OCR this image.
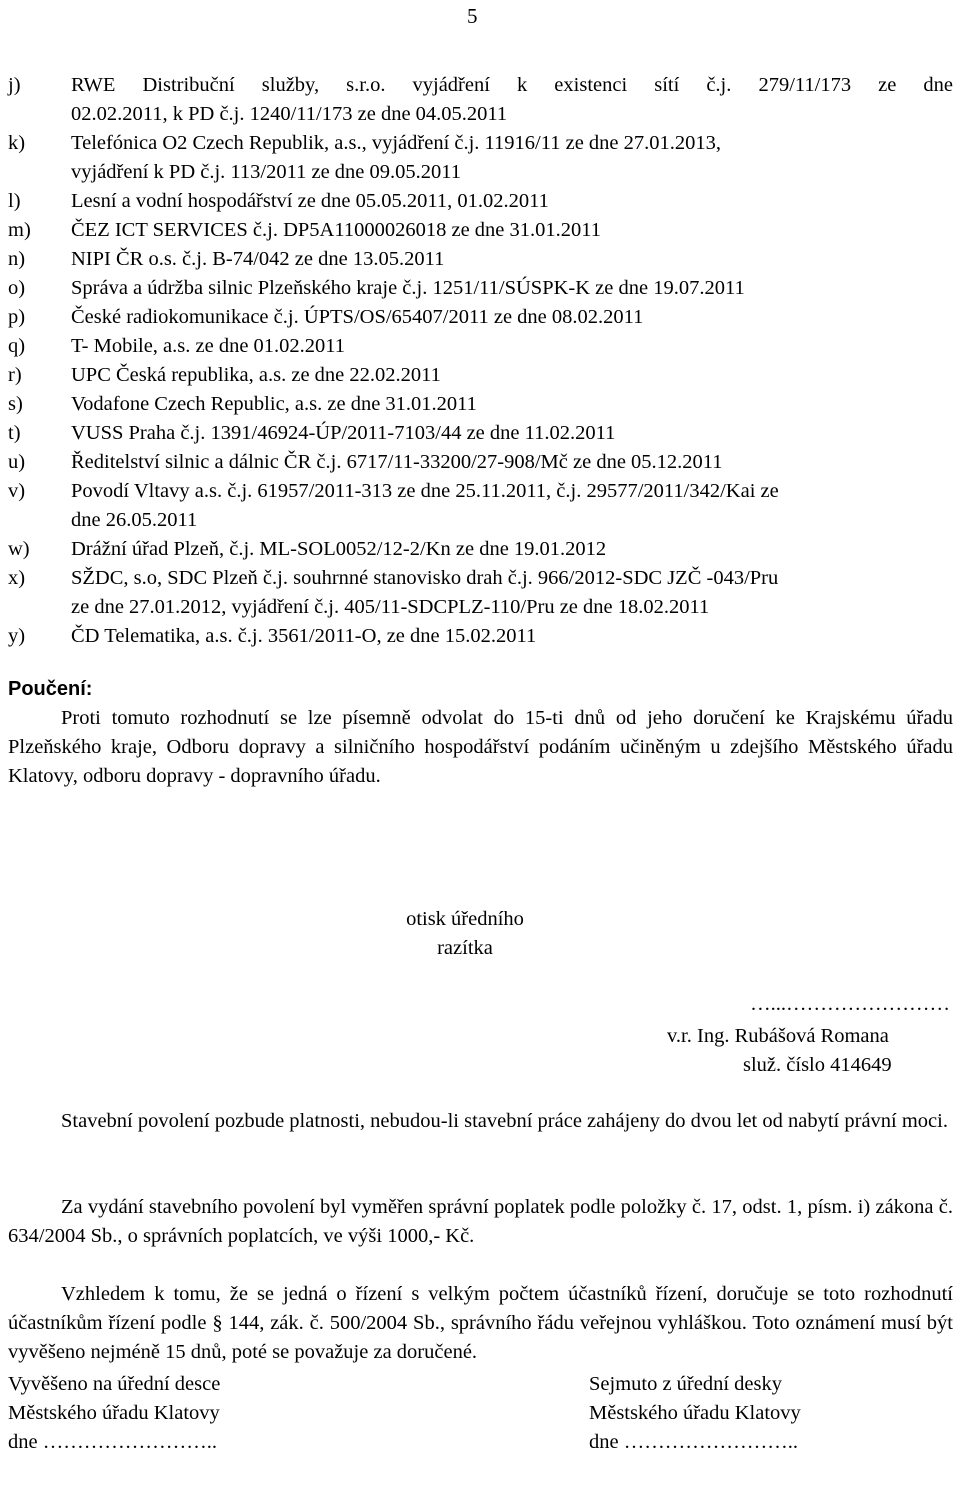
5
j) RWE Distribuční služby, s.r.o. vyjádření k existenci sítí č.j. 279/11/173 ze dne
02.02.2011, k PD č.j. 1240/11/173 ze dne 04.05.2011
k) Telefónica O2 Czech Republik, a.s., vyjádření č.j. 11916/11 ze dne 27.01.2013,
vyjádření k PD č.j. 113/2011 ze dne 09.05.2011
l) Lesní a vodní hospodářství ze dne 05.05.2011, 01.02.2011
m) ČEZ ICT SERVICES č.j. DP5A11000026018 ze dne 31.01.2011
n) NIPI ČR o.s. č.j. B-74/042 ze dne 13.05.2011
o) Správa a údržba silnic Plzeňského kraje č.j. 1251/11/SÚSPK-K ze dne 19.07.2011
p) České radiokomunikace č.j. ÚPTS/OS/65407/2011 ze dne 08.02.2011
q) T- Mobile, a.s. ze dne 01.02.2011
r) UPC Česká republika, a.s. ze dne 22.02.2011
s) Vodafone Czech Republic, a.s. ze dne 31.01.2011
t) VUSS Praha č.j. 1391/46924-ÚP/2011-7103/44 ze dne 11.02.2011
u) Ředitelství silnic a dálnic ČR č.j. 6717/11-33200/27-908/Mč ze dne 05.12.2011
v) Povodí Vltavy a.s. č.j. 61957/2011-313 ze dne 25.11.2011, č.j. 29577/2011/342/Kai ze
dne 26.05.2011
w) Drážní úřad Plzeň, č.j. ML-SOL0052/12-2/Kn ze dne 19.01.2012
x) SŽDC, s.o, SDC Plzeň č.j. souhrnné stanovisko drah č.j. 966/2012-SDC JZČ -043/Pru
ze dne 27.01.2012, vyjádření č.j. 405/11-SDCPLZ-110/Pru ze dne 18.02.2011
y) ČD Telematika, a.s. č.j. 3561/2011-O, ze dne 15.02.2011
Poučení:

Proti tomuto rozhodnutí se lze písemně odvolat do 15-ti dnů od jeho doručení ke Krajskému úřadu Plzeňského kraje, Odboru dopravy a silničního hospodářství podáním učiněným u zdejšího Městského úřadu Klatovy, odboru dopravy - dopravního úřadu.

otisk úředního
razítka
…...……………………
v.r. Ing. Rubášová Romana
služ. číslo 414649

Stavební povolení pozbude platnosti, nebudou-li stavební práce zahájeny do dvou let od nabytí právní moci.

Za vydání stavebního povolení byl vyměřen správní poplatek podle položky č. 17, odst. 1, písm. i) zákona č. 634/2004 Sb., o správních poplatcích, ve výši 1000,- Kč.

Vzhledem k tomu, že se jedná o řízení s velkým počtem účastníků řízení, doručuje se toto rozhodnutí účastníkům řízení podle § 144, zák. č. 500/2004 Sb., správního řádu veřejnou vyhláškou. Toto oznámení musí být vyvěšeno nejméně 15 dnů, poté se považuje za doručené.

Vyvěšeno na úřední desce
Městského úřadu Klatovy
dne ……………………..
Sejmuto z úřední desky
Městského úřadu Klatovy
dne ……………………..
